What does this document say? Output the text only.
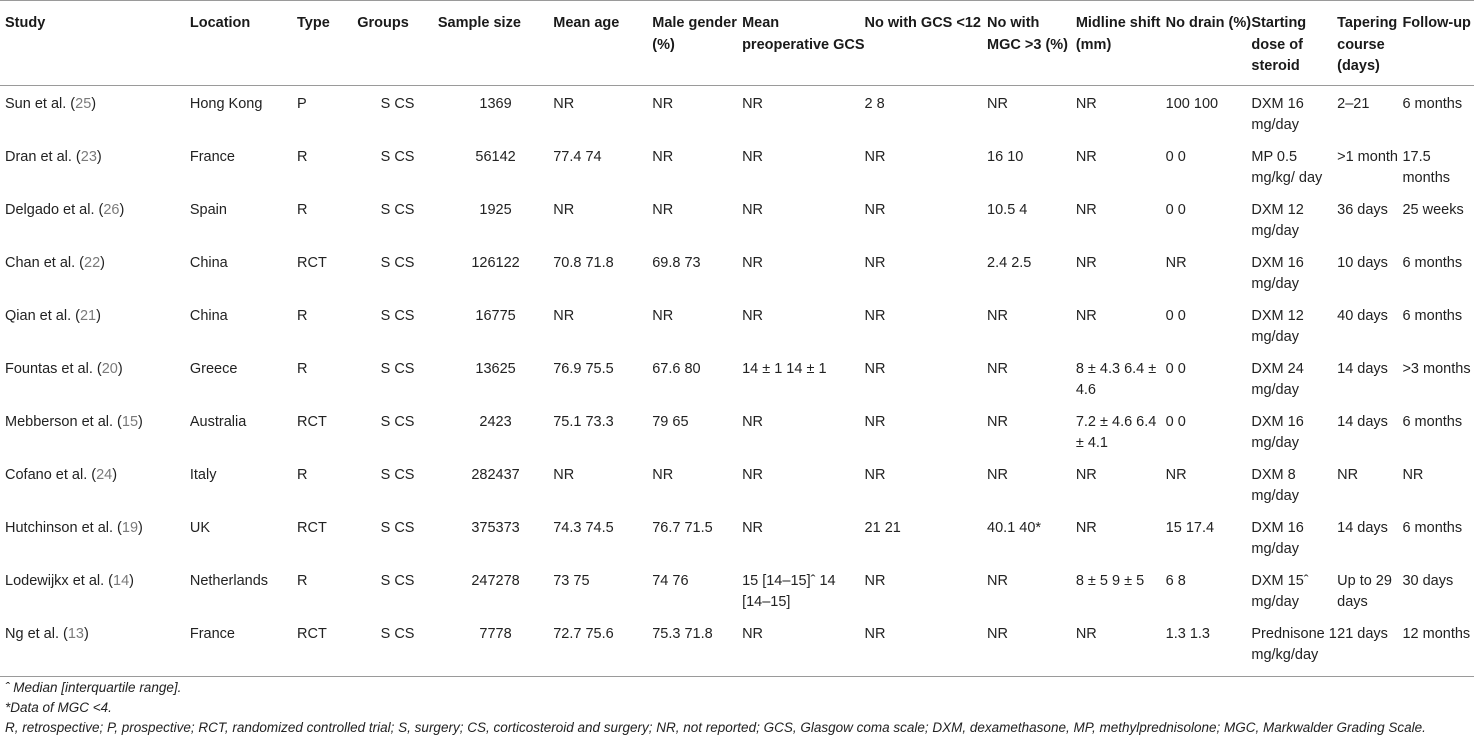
Study	Location	Type	Groups	Sample size	Mean age	Male gender (%)	Mean preoperative GCS	No with GCS <12	No with MGC >3 (%)	Midline shift (mm)	No drain (%)	Starting dose of steroid	Tapering course (days)	Follow-up
Sun et al. (25)	Hong Kong	P	S CS	1369	NR	NR	NR	2 8	NR	NR	100 100	DXM 16 mg/day	2–21	6 months
Dran et al. (23)	France	R	S CS	56142	77.4 74	NR	NR	NR	16 10	NR	0 0	MP 0.5 mg/kg/ day	>1 month	17.5 months
Delgado et al. (26)	Spain	R	S CS	1925	NR	NR	NR	NR	10.5 4	NR	0 0	DXM 12 mg/day	36 days	25 weeks
Chan et al. (22)	China	RCT	S CS	126122	70.8 71.8	69.8 73	NR	NR	2.4 2.5	NR	NR	DXM 16 mg/day	10 days	6 months
Qian et al. (21)	China	R	S CS	16775	NR	NR	NR	NR	NR	NR	0 0	DXM 12 mg/day	40 days	6 months
Fountas et al. (20)	Greece	R	S CS	13625	76.9 75.5	67.6 80	14 ± 1 14 ± 1	NR	NR	8 ± 4.3 6.4 ± 4.6	0 0	DXM 24 mg/day	14 days	>3 months
Mebberson et al. (15)	Australia	RCT	S CS	2423	75.1 73.3	79 65	NR	NR	NR	7.2 ± 4.6 6.4 ± 4.1	0 0	DXM 16 mg/day	14 days	6 months
Cofano et al. (24)	Italy	R	S CS	282437	NR	NR	NR	NR	NR	NR	NR	DXM 8 mg/day	NR	NR
Hutchinson et al. (19)	UK	RCT	S CS	375373	74.3 74.5	76.7 71.5	NR	21 21	40.1 40*	NR	15 17.4	DXM 16 mg/day	14 days	6 months
Lodewijkx et al. (14)	Netherlands	R	S CS	247278	73 75	74 76	15 [14–15]ˆ 14 [14–15]	NR	NR	8 ± 5 9 ± 5	6 8	DXM 15ˆ mg/day	Up to 29 days	30 days
Ng et al. (13)	France	RCT	S CS	7778	72.7 75.6	75.3 71.8	NR	NR	NR	NR	1.3 1.3	Prednisone 1 mg/kg/day	21 days	12 months
ˆ Median [interquartile range].
*Data of MGC <4.
R, retrospective; P, prospective; RCT, randomized controlled trial; S, surgery; CS, corticosteroid and surgery; NR, not reported; GCS, Glasgow coma scale; DXM, dexamethasone, MP, methylprednisolone; MGC, Markwalder Grading Scale.
